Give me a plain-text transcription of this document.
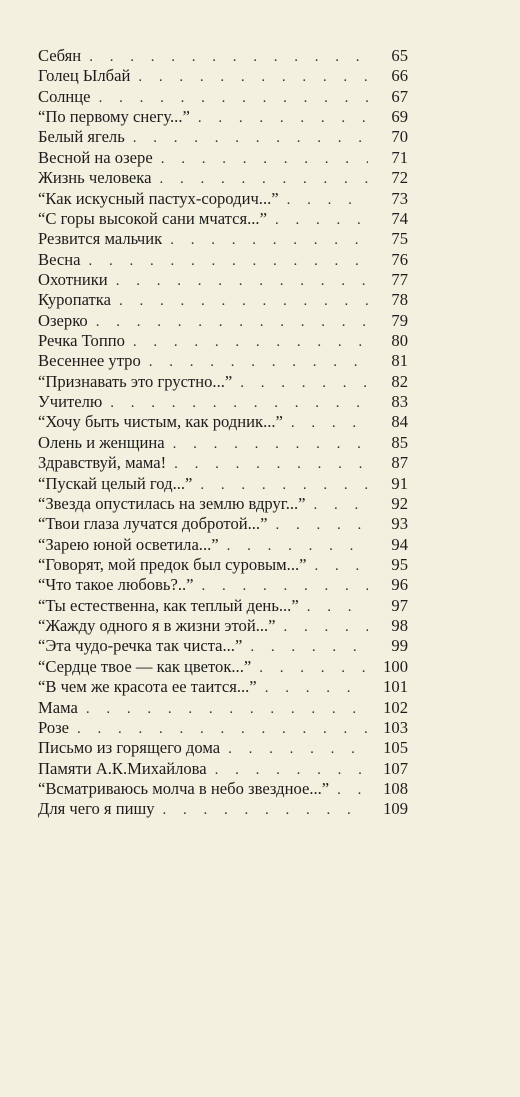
Себян . . .	65
Голец Ылбай . . .	66
Солнце . . .	67
“По первому снегу...” . . .	69
Белый ягель . . .	70
Весной на озере . . .	71
Жизнь человека . . .	72
“Как искусный пастух-сородич...” . . .	73
“С горы высокой сани мчатся...” . . .	74
Резвится мальчик . . .	75
Весна . . .	76
Охотники . . .	77
Куропатка . . .	78
Озерко . . .	79
Речка Топпо . . .	80
Весеннее утро . . .	81
“Признавать это грустно...” . . .	82
Учителю . . .	83
“Хочу быть чистым, как родник...” . . .	84
Олень и женщина . . .	85
Здравствуй, мама! . . .	87
“Пускай целый год...” . . .	91
“Звезда опустилась на землю вдруг...” . . .	92
“Твои глаза лучатся добротой...” . . .	93
“Зарею юной осветила...” . . .	94
“Говорят, мой предок был суровым...” . . .	95
“Что такое любовь?..” . . .	96
“Ты естественна, как теплый день...” . . .	97
“Жажду одного я в жизни этой...” . . .	98
“Эта чудо-речка так чиста...” . . .	99
“Сердце твое — как цветок...” . . .	100
“В чем же красота ее таится...” . . .	101
Мама . . .	102
Розе . . .	103
Письмо из горящего дома . . .	105
Памяти А.К.Михайлова . . .	107
“Всматриваюсь молча в небо звездное...” . . .	108
Для чего я пишу . . .	109
